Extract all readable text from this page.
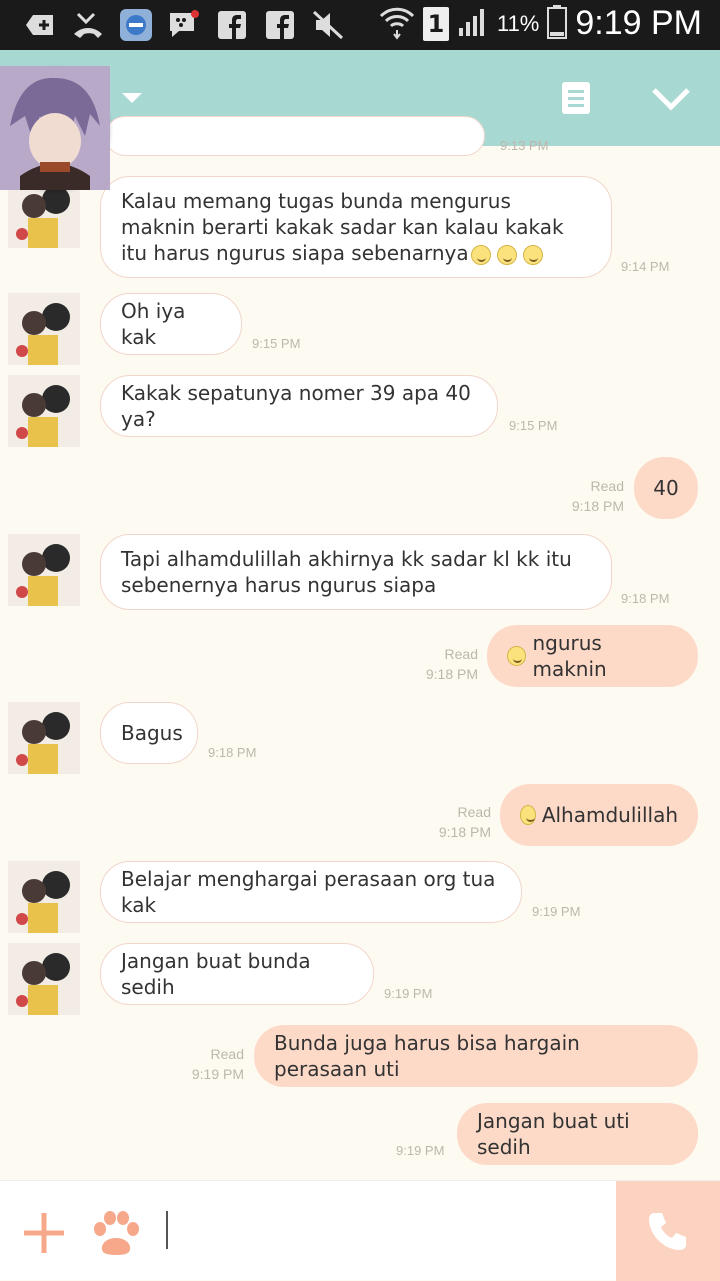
1 11% 9:19 PM
9:13 PM
Kalau memang tugas bunda mengurus maknin berarti kakak sadar kan kalau kakak itu harus ngurus siapa sebenarnya
9:14 PM
Oh iya kak	9:15 PM
Kakak sepatunya nomer 39 apa 40 ya?	9:15 PM
Read
9:18 PM
40
Tapi alhamdulillah akhirnya kk sadar kl kk itu sebenernya harus ngurus siapa
9:18 PM
Read
9:18 PM
ngurus maknin
Bagus
9:18 PM
Read
9:18 PM
Alhamdulillah
Belajar menghargai perasaan org tua kak	9:19 PM
Jangan buat bunda sedih	9:19 PM
Read
9:19 PM
Bunda juga harus bisa hargain perasaan uti
9:19 PM
Jangan buat uti sedih
